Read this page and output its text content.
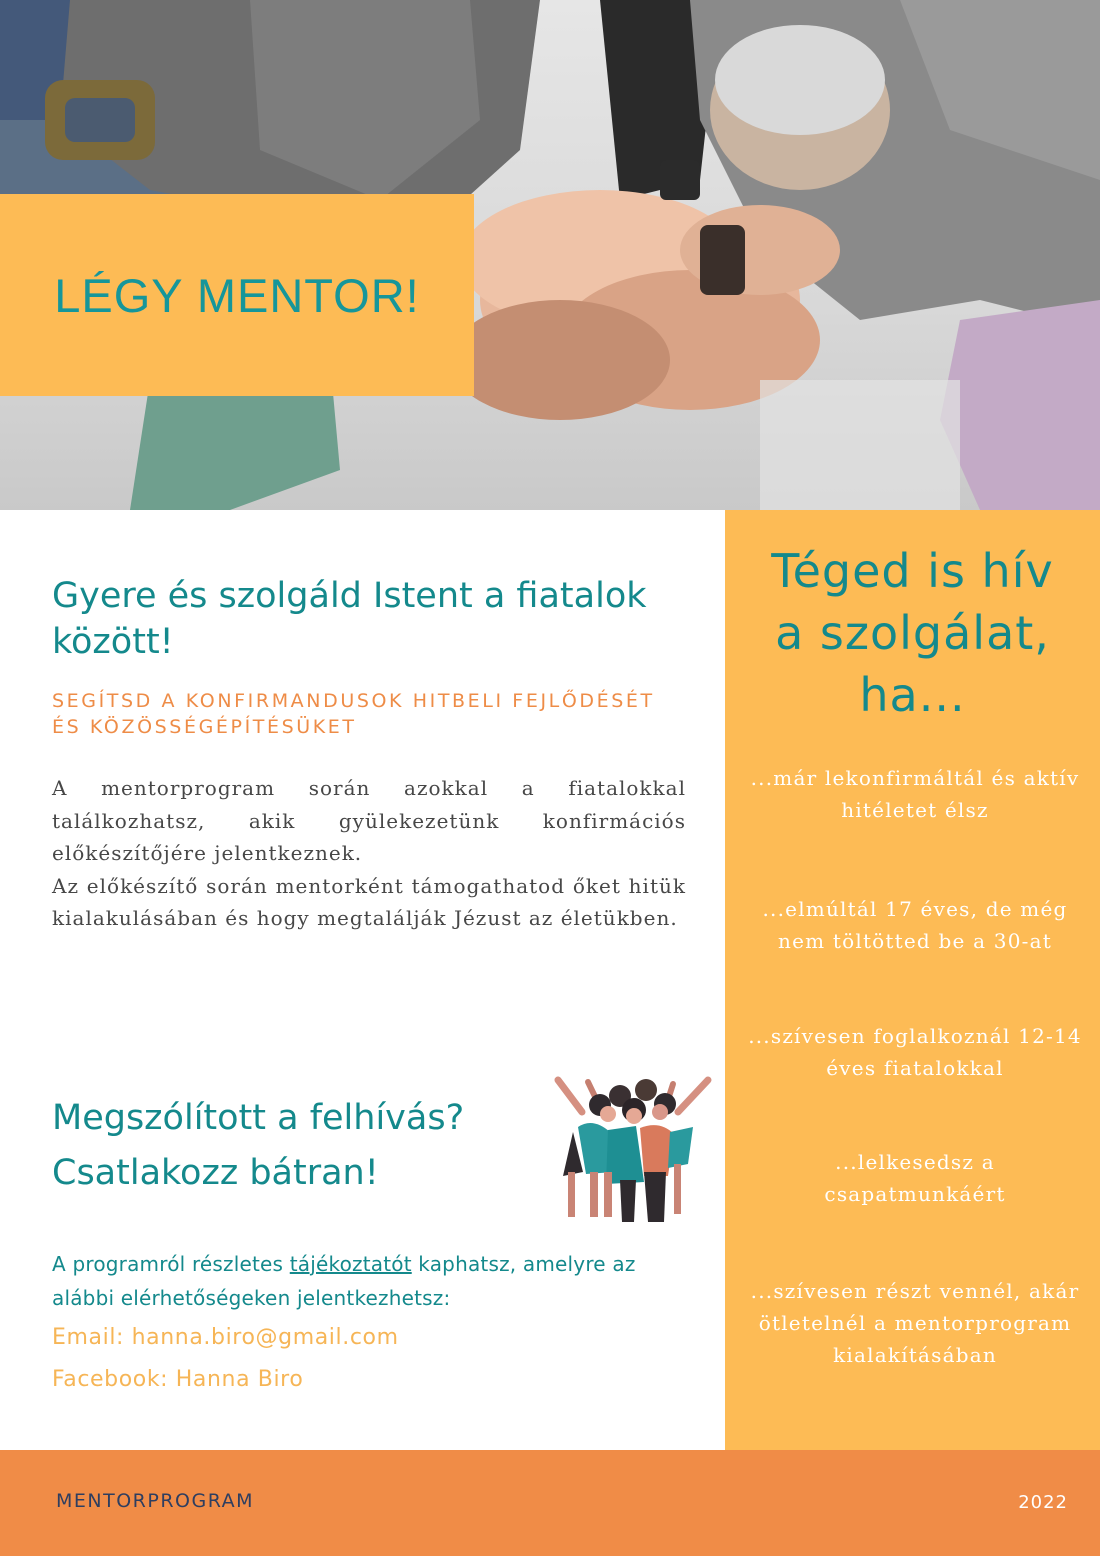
LÉGY MENTOR!
Gyere és szolgáld Istent a fiatalok között!
SEGÍTSD A KONFIRMANDUSOK HITBELI FEJLŐDÉSÉT ÉS KÖZÖSSÉGÉPÍTÉSÜKET

A mentorprogram során azokkal a fiatalokkal találkozhatsz, akik gyülekezetünk konfirmációs előkészítőjére jelentkeznek.

Az előkészítő során mentorként támogathatod őket hitük kialakulásában és hogy megtalálják Jézust az életükben.

Megszólított a felhívás?
Csatlakozz bátran!
A programról részletes tájékoztatót kaphatsz, amelyre az alábbi elérhetőségeken jelentkezhetsz:
Email: hanna.biro@gmail.com
Facebook: Hanna Biro
Téged is hív
a szolgálat,
ha...
...már lekonfirmáltál és aktív hitéletet élsz
...elmúltál 17 éves, de még nem töltötted be a 30-at
...szívesen foglalkoznál 12-14 éves fiatalokkal
...lelkesedsz a csapatmunkáért
...szívesen részt vennél, akár ötletelnél a mentorprogram kialakításában
MENTORPROGRAM	2022
